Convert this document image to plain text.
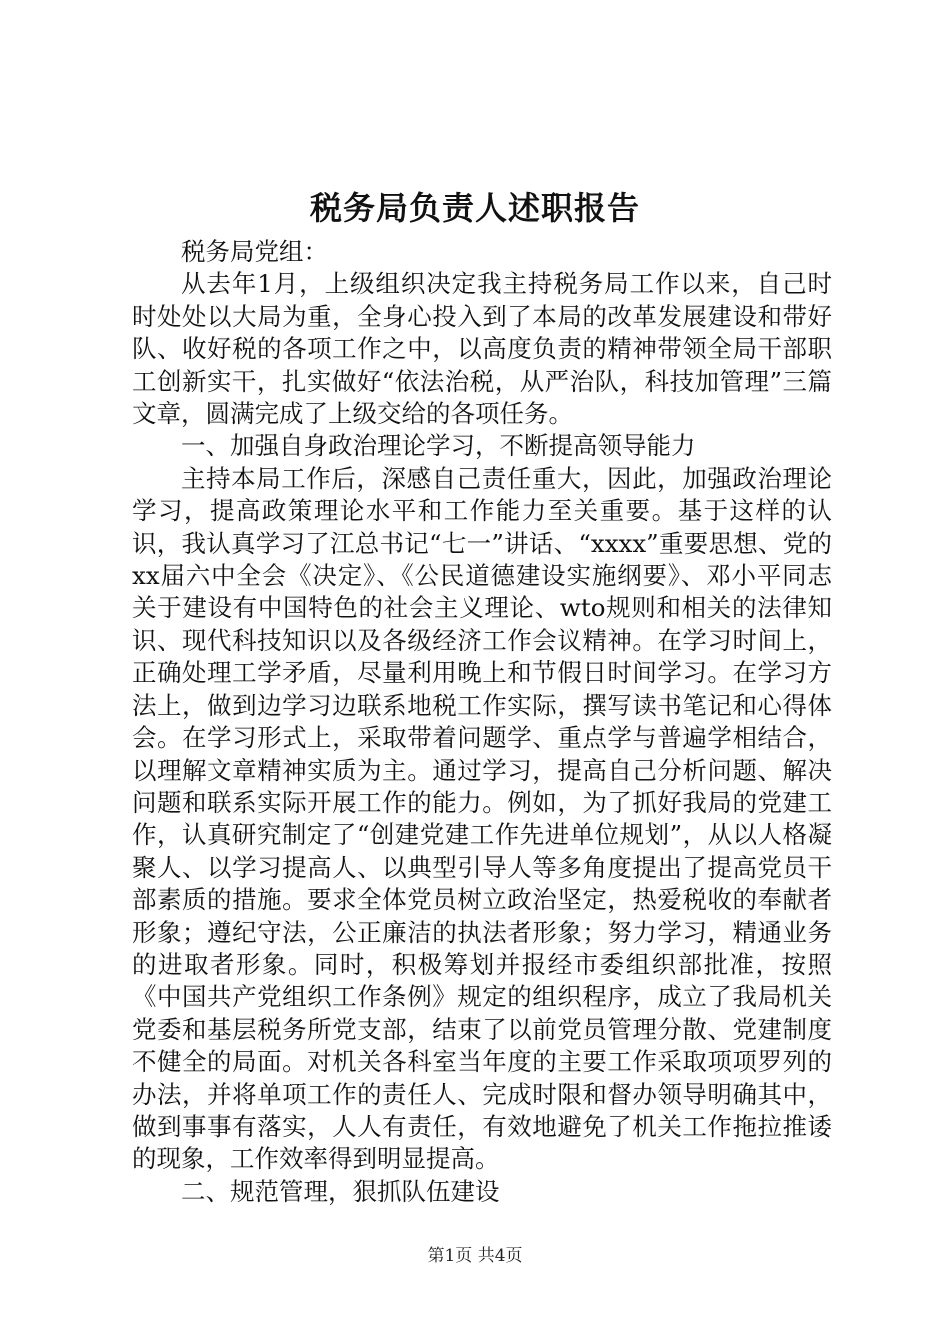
税务局负责人述职报告

税务局党组：

从去年1月，上级组织决定我主持税务局工作以来，自己时时处处以大局为重，全身心投入到了本局的改革发展建设和带好队、收好税的各项工作之中，以高度负责的精神带领全局干部职工创新实干，扎实做好“依法治税，从严治队，科技加管理”三篇文章，圆满完成了上级交给的各项任务。

一、加强自身政治理论学习，不断提高领导能力

主持本局工作后，深感自己责任重大，因此，加强政治理论学习，提高政策理论水平和工作能力至关重要。基于这样的认识，我认真学习了江总书记“七一”讲话、“xxxx”重要思想、党的xx届六中全会《决定》、《公民道德建设实施纲要》、邓小平同志关于建设有中国特色的社会主义理论、wto规则和相关的法律知识、现代科技知识以及各级经济工作会议精神。在学习时间上，正确处理工学矛盾，尽量利用晚上和节假日时间学习。在学习方法上，做到边学习边联系地税工作实际，撰写读书笔记和心得体会。在学习形式上，采取带着问题学、重点学与普遍学相结合，以理解文章精神实质为主。通过学习，提高自己分析问题、解决问题和联系实际开展工作的能力。例如，为了抓好我局的党建工作，认真研究制定了“创建党建工作先进单位规划”，从以人格凝聚人、以学习提高人、以典型引导人等多角度提出了提高党员干部素质的措施。要求全体党员树立政治坚定，热爱税收的奉献者形象；遵纪守法，公正廉洁的执法者形象；努力学习，精通业务的进取者形象。同时，积极筹划并报经市委组织部批准，按照《中国共产党组织工作条例》规定的组织程序，成立了我局机关党委和基层税务所党支部，结束了以前党员管理分散、党建制度不健全的局面。对机关各科室当年度的主要工作采取项项罗列的办法，并将单项工作的责任人、完成时限和督办领导明确其中，做到事事有落实，人人有责任，有效地避免了机关工作拖拉推诿的现象，工作效率得到明显提高。

二、规范管理，狠抓队伍建设

第1页 共4页
